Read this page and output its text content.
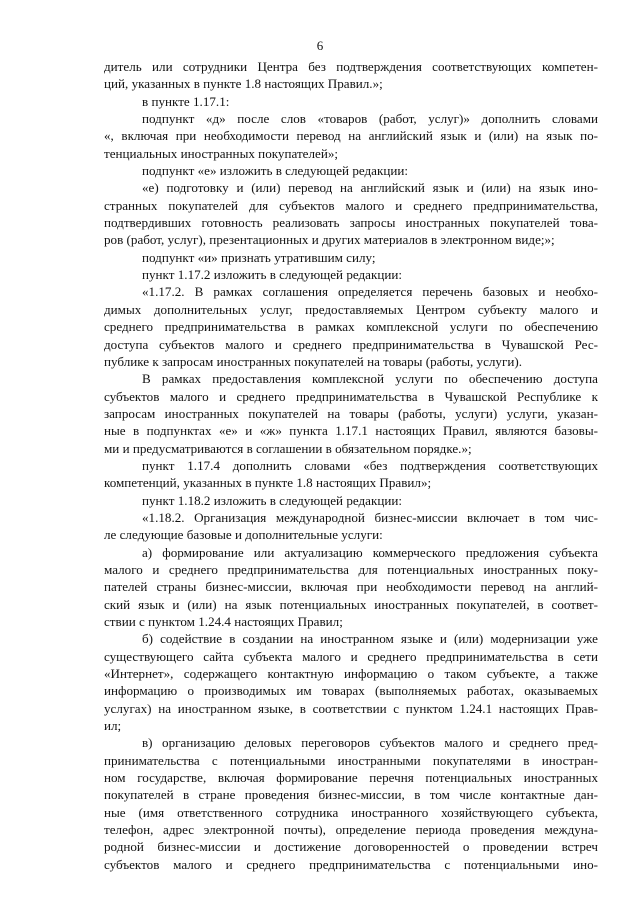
6
дитель или сотрудники Центра без подтверждения соответствующих компетен-
ций, указанных в пункте 1.8 настоящих Правил.»;
в пункте 1.17.1:
подпункт «д» после слов «товаров (работ, услуг)» дополнить словами
«, включая при необходимости перевод на английский язык и (или) на язык по-
тенциальных иностранных покупателей»;
подпункт «е» изложить в следующей редакции:
«е) подготовку и (или) перевод на английский язык и (или) на язык ино-
странных покупателей для субъектов малого и среднего предпринимательства,
подтвердивших готовность реализовать запросы иностранных покупателей това-
ров (работ, услуг), презентационных и других материалов в электронном виде;»;
подпункт «и» признать утратившим силу;
пункт 1.17.2 изложить в следующей редакции:
«1.17.2. В рамках соглашения определяется перечень базовых и необхо-
димых дополнительных услуг, предоставляемых Центром субъекту малого и
среднего предпринимательства в рамках комплексной услуги по обеспечению
доступа субъектов малого и среднего предпринимательства в Чувашской Рес-
публике к запросам иностранных покупателей на товары (работы, услуги).
В рамках предоставления комплексной услуги по обеспечению доступа
субъектов малого и среднего предпринимательства в Чувашской Республике к
запросам иностранных покупателей на товары (работы, услуги) услуги, указан-
ные в подпунктах «е» и «ж» пункта 1.17.1 настоящих Правил, являются базовы-
ми и предусматриваются в соглашении в обязательном порядке.»;
пункт 1.17.4 дополнить словами «без подтверждения соответствующих
компетенций, указанных в пункте 1.8 настоящих Правил»;
пункт 1.18.2 изложить в следующей редакции:
«1.18.2. Организация международной бизнес-миссии включает в том чис-
ле следующие базовые и дополнительные услуги:
а) формирование или актуализацию коммерческого предложения субъекта
малого и среднего предпринимательства для потенциальных иностранных поку-
пателей страны бизнес-миссии, включая при необходимости перевод на англий-
ский язык и (или) на язык потенциальных иностранных покупателей, в соответ-
ствии с пунктом 1.24.4 настоящих Правил;
б) содействие в создании на иностранном языке и (или) модернизации уже
существующего сайта субъекта малого и среднего предпринимательства в сети
«Интернет», содержащего контактную информацию о таком субъекте, а также
информацию о производимых им товарах (выполняемых работах, оказываемых
услугах) на иностранном языке, в соответствии с пунктом 1.24.1 настоящих Прав-
ил;
в) организацию деловых переговоров субъектов малого и среднего пред-
принимательства с потенциальными иностранными покупателями в иностран-
ном государстве, включая формирование перечня потенциальных иностранных
покупателей в стране проведения бизнес-миссии, в том числе контактные дан-
ные (имя ответственного сотрудника иностранного хозяйствующего субъекта,
телефон, адрес электронной почты), определение периода проведения междуна-
родной бизнес-миссии и достижение договоренностей о проведении встреч
субъектов малого и среднего предпринимательства с потенциальными ино-
